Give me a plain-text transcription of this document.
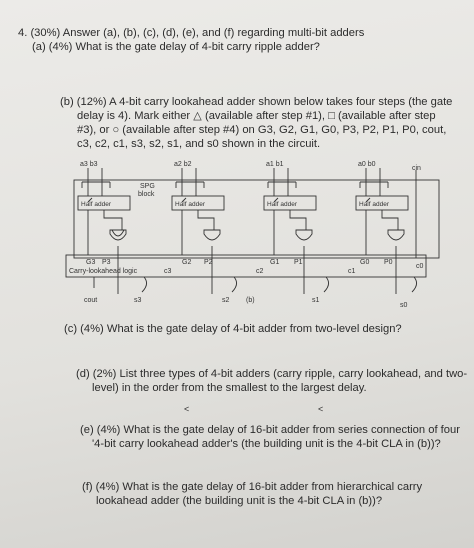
4. (30%) Answer (a), (b), (c), (d), (e), and (f) regarding multi-bit adders
(a) (4%) What is the gate delay of 4-bit carry ripple adder?
(b) (12%) A 4-bit carry lookahead adder shown below takes four steps (the gate
delay is 4). Mark either △ (available after step #1), □ (available after step
#3), or ○ (available after step #4) on G3, G2, G1, G0, P3, P2, P1, P0, cout,
c3, c2, c1, s3, s2, s1, and s0 shown in the circuit.
a3 b3	a2 b2	a1 b1	a0 b0
cin
SPG
block
Half adder	Half adder	Half adder	Half adder
G3 P3	G2 P2	G1 P1	G0 P0
Carry-lookahead logic	c3	c2	c1
c0
cout	s3	s2 (b)	s1
s0
(c) (4%) What is the gate delay of 4-bit adder from two-level design?
(d) (2%) List three types of 4-bit adders (carry ripple, carry lookahead, and two-
level) in the order from the smallest to the largest delay.
<	<
(e) (4%) What is the gate delay of 16-bit adder from series connection of four
'4-bit carry lookahead adder's (the building unit is the 4-bit CLA in (b))?
(f) (4%) What is the gate delay of 16-bit adder from hierarchical carry
lookahead adder (the building unit is the 4-bit CLA in (b))?
